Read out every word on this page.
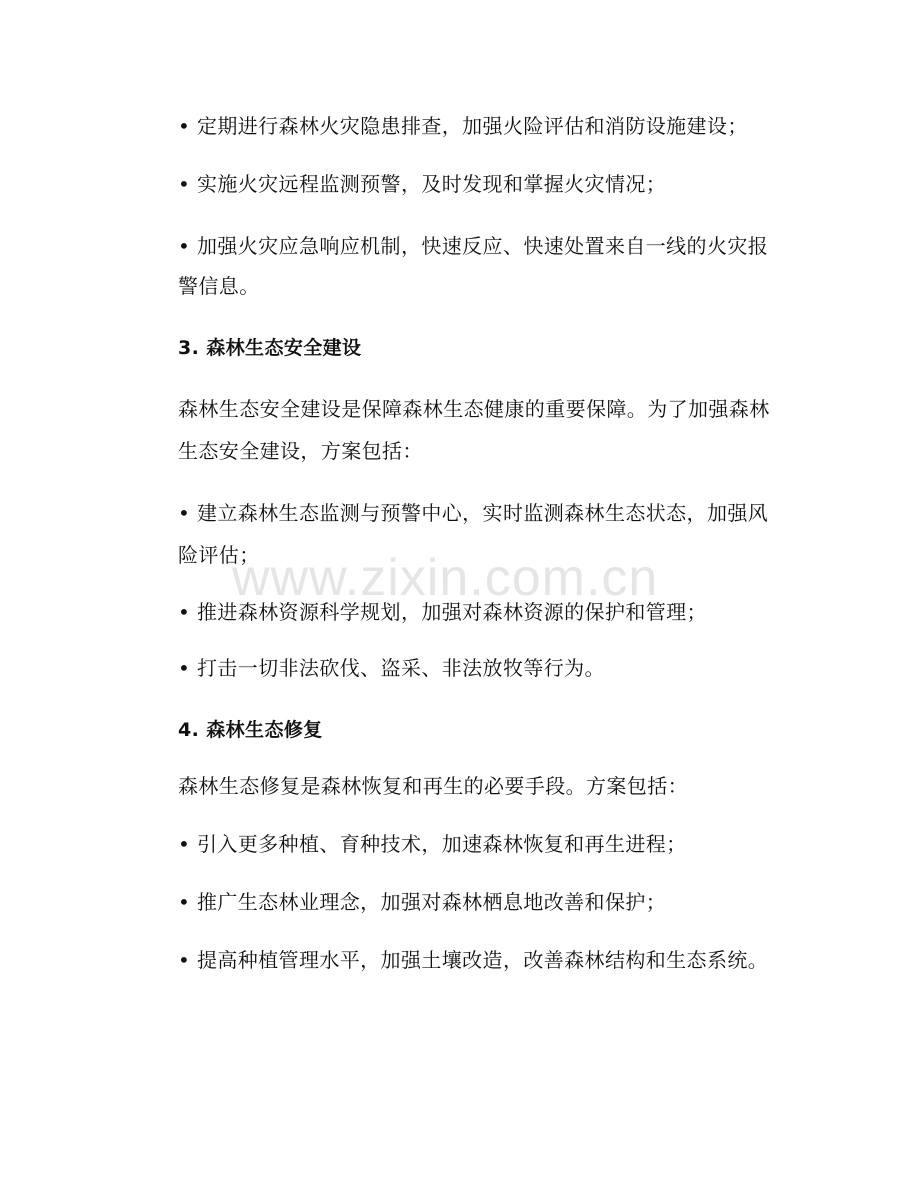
• 定期进行森林火灾隐患排查，加强火险评估和消防设施建设；
• 实施火灾远程监测预警，及时发现和掌握火灾情况；
• 加强火灾应急响应机制，快速反应、快速处置来自一线的火灾报警信息。
3. 森林生态安全建设
森林生态安全建设是保障森林生态健康的重要保障。为了加强森林生态安全建设，方案包括：
• 建立森林生态监测与预警中心，实时监测森林生态状态，加强风险评估；
• 推进森林资源科学规划，加强对森林资源的保护和管理；
• 打击一切非法砍伐、盗采、非法放牧等行为。
4. 森林生态修复
森林生态修复是森林恢复和再生的必要手段。方案包括：
• 引入更多种植、育种技术，加速森林恢复和再生进程；
• 推广生态林业理念，加强对森林栖息地改善和保护；
• 提高种植管理水平，加强土壤改造，改善森林结构和生态系统。
www.zixin.com.cn
